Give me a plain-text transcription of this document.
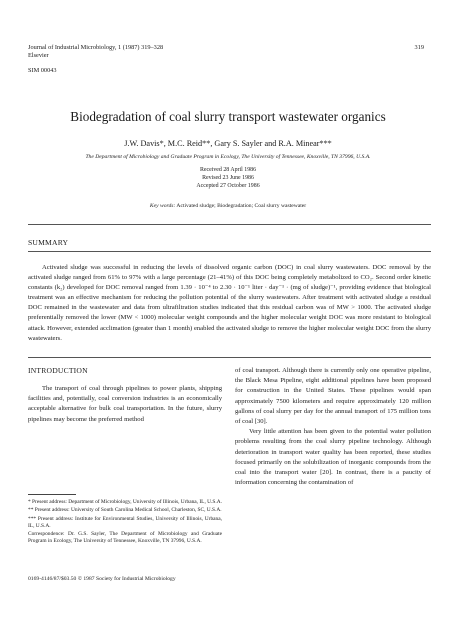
Journal of Industrial Microbiology, 1 (1987) 319–328
Elsevier
SIM 00043
319
Biodegradation of coal slurry transport wastewater organics
J.W. Davis*, M.C. Reid**, Gary S. Sayler and R.A. Minear***
The Department of Microbiology and Graduate Program in Ecology, The University of Tennessee, Knoxville, TN 37996, U.S.A.
Received 28 April 1986
Revised 23 June 1986
Accepted 27 October 1986
Key words: Activated sludge; Biodegradation; Coal slurry wastewater
SUMMARY
Activated sludge was successful in reducing the levels of dissolved organic carbon (DOC) in coal slurry wastewaters. DOC removal by the activated sludge ranged from 61% to 97% with a large percentage (21–41%) of this DOC being completely metabolized to CO₂. Second order kinetic constants (k₂) developed for DOC removal ranged from 1.39 · 10⁻⁴ to 2.30 · 10⁻¹ liter · day⁻¹ · (mg of sludge)⁻¹, providing evidence that biological treatment was an effective mechanism for reducing the pollution potential of the slurry wastewaters. After treatment with activated sludge a residual DOC remained in the wastewater and data from ultrafiltration studies indicated that this residual carbon was of MW > 1000. The activated sludge preferentially removed the lower (MW < 1000) molecular weight compounds and the higher molecular weight DOC was more resistant to biological attack. However, extended acclimation (greater than 1 month) enabled the activated sludge to remove the higher molecular weight DOC from the slurry wastewaters.
INTRODUCTION
The transport of coal through pipelines to power plants, shipping facilities and, potentially, coal conversion industries is an economically acceptable alternative for bulk coal transportation. In the future, slurry pipelines may become the preferred method

of coal transport. Although there is currently only one operative pipeline, the Black Mesa Pipeline, eight additional pipelines have been proposed for construction in the United States. These pipelines would span approximately 7500 kilometers and require approximately 120 million gallons of coal slurry per day for the annual transport of 175 million tons of coal [30].

Very little attention has been given to the potential water pollution problems resulting from the coal slurry pipeline technology. Although deterioration in transport water quality has been reported, these studies focused primarily on the solubilization of inorganic compounds from the coal into the transport water [20]. In contrast, there is a paucity of information concerning the contamination of

* Present address: Department of Microbiology, University of Illinois, Urbana, IL, U.S.A.
** Present address: University of South Carolina Medical School, Charleston, SC, U.S.A.
*** Present address: Institute for Environmental Studies, University of Illinois, Urbana, IL, U.S.A.
Correspondence: Dr. G.S. Sayler, The Department of Microbiology and Graduate Program in Ecology, The University of Tennessee, Knoxville, TN 37996, U.S.A.
0169-4146/87/$03.50 © 1987 Society for Industrial Microbiology
